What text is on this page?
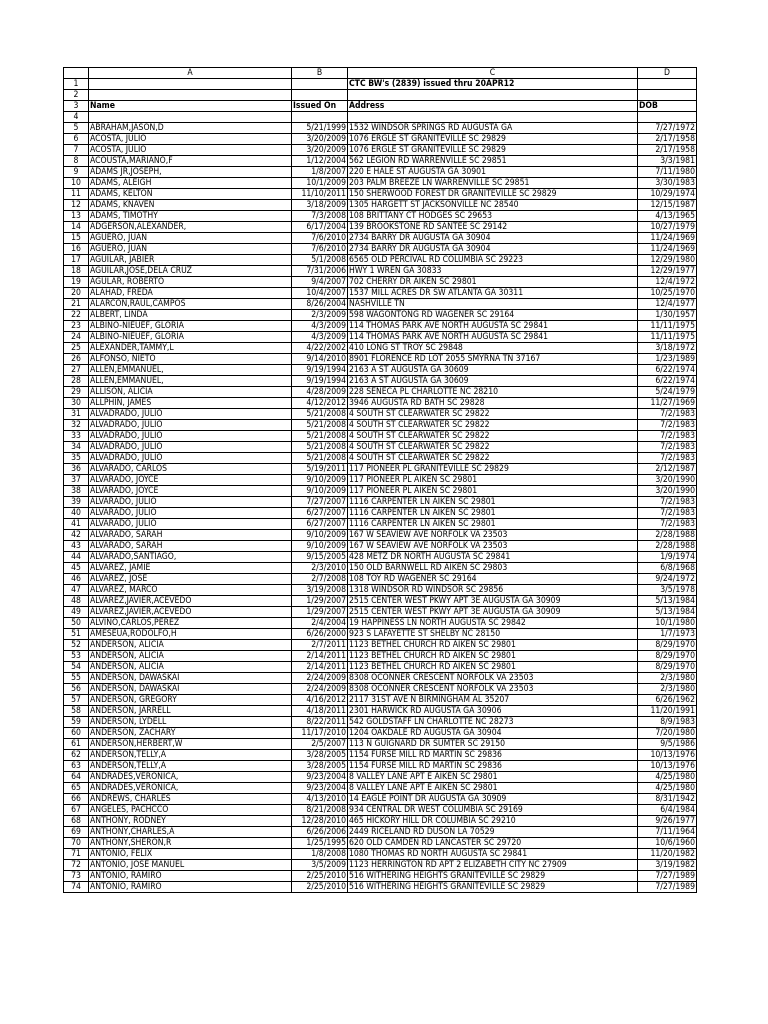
	A	B	C	D
1			CTC BW's (2839) issued thru 20APR12	
2				
3	Name	Issued On	Address	DOB
4				
5	ABRAHAM,JASON,D	5/21/1999	1532 WINDSOR SPRINGS RD AUGUSTA GA	7/27/1972
6	ACOSTA, JULIO	3/20/2009	1076 ERGLE ST GRANITEVILLE SC 29829	2/17/1958
7	ACOSTA, JULIO	3/20/2009	1076 ERGLE ST GRANITEVILLE SC 29829	2/17/1958
8	ACOUSTA,MARIANO,F	1/12/2004	562 LEGION RD WARRENVILLE SC 29851	3/3/1981
9	ADAMS JR,JOSEPH,	1/8/2007	220 E HALE ST AUGUSTA GA 30901	7/11/1980
10	ADAMS, ALEIGH	10/1/2009	203 PALM BREEZE LN WARRENVILLE SC 29851	3/30/1983
11	ADAMS, KELTON	11/10/2011	150 SHERWOOD FOREST DR GRANITEVILLE SC 29829	10/29/1974
12	ADAMS, KNAVEN	3/18/2009	1305 HARGETT ST JACKSONVILLE NC 28540	12/15/1987
13	ADAMS, TIMOTHY	7/3/2008	108 BRITTANY CT HODGES SC 29653	4/13/1965
14	ADGERSON,ALEXANDER,	6/17/2004	139 BROOKSTONE RD SANTEE SC 29142	10/27/1979
15	AGUERO, JUAN	7/6/2010	2734 BARRY DR AUGUSTA GA 30904	11/24/1969
16	AGUERO, JUAN	7/6/2010	2734 BARRY DR AUGUSTA GA 30904	11/24/1969
17	AGUILAR, JABIER	5/1/2008	6565 OLD PERCIVAL RD COLUMBIA SC 29223	12/29/1980
18	AGUILAR,JOSE,DELA CRUZ	7/31/2006	HWY 1 WREN GA 30833	12/29/1977
19	AGULAR, ROBERTO	9/4/2007	702 CHERRY DR AIKEN SC 29801	12/4/1972
20	ALAHAD, FREDA	10/4/2007	1537 MILL ACRES DR SW ATLANTA GA 30311	10/25/1970
21	ALARCON,RAUL,CAMPOS	8/26/2004	NASHVILLE TN	12/4/1977
22	ALBERT, LINDA	2/3/2009	598 WAGONTONG RD WAGENER SC 29164	1/30/1957
23	ALBINO-NIEUEF, GLORIA	4/3/2009	114 THOMAS PARK AVE NORTH AUGUSTA SC 29841	11/11/1975
24	ALBINO-NIEUEF, GLORIA	4/3/2009	114 THOMAS PARK AVE NORTH AUGUSTA SC 29841	11/11/1975
25	ALEXANDER,TAMMY,L	4/22/2002	410 LONG ST TROY SC 29848	3/18/1972
26	ALFONSO, NIETO	9/14/2010	8901 FLORENCE RD LOT 2055 SMYRNA TN 37167	1/23/1989
27	ALLEN,EMMANUEL,	9/19/1994	2163 A ST AUGUSTA GA 30609	6/22/1974
28	ALLEN,EMMANUEL,	9/19/1994	2163 A ST AUGUSTA GA 30609	6/22/1974
29	ALLISON, ALICIA	4/28/2009	228 SENECA PL CHARLOTTE NC 28210	5/24/1979
30	ALLPHIN, JAMES	4/12/2012	3946 AUGUSTA RD BATH SC 29828	11/27/1969
31	ALVADRADO, JULIO	5/21/2008	4 SOUTH ST CLEARWATER SC 29822	7/2/1983
32	ALVADRADO, JULIO	5/21/2008	4 SOUTH ST CLEARWATER SC 29822	7/2/1983
33	ALVADRADO, JULIO	5/21/2008	4 SOUTH ST CLEARWATER SC 29822	7/2/1983
34	ALVADRADO, JULIO	5/21/2008	4 SOUTH ST CLEARWATER SC 29822	7/2/1983
35	ALVADRADO, JULIO	5/21/2008	4 SOUTH ST CLEARWATER SC 29822	7/2/1983
36	ALVARADO, CARLOS	5/19/2011	117 PIONEER PL GRANITEVILLE SC 29829	2/12/1987
37	ALVARADO, JOYCE	9/10/2009	117 PIONEER PL AIKEN SC 29801	3/20/1990
38	ALVARADO, JOYCE	9/10/2009	117 PIONEER PL AIKEN SC 29801	3/20/1990
39	ALVARADO, JULIO	7/27/2007	1116 CARPENTER LN AIKEN SC 29801	7/2/1983
40	ALVARADO, JULIO	6/27/2007	1116 CARPENTER LN AIKEN SC 29801	7/2/1983
41	ALVARADO, JULIO	6/27/2007	1116 CARPENTER LN AIKEN SC 29801	7/2/1983
42	ALVARADO, SARAH	9/10/2009	167 W SEAVIEW AVE NORFOLK VA 23503	2/28/1988
43	ALVARADO, SARAH	9/10/2009	167 W SEAVIEW AVE NORFOLK VA 23503	2/28/1988
44	ALVARADO,SANTIAGO,	9/15/2005	428 METZ DR NORTH AUGUSTA SC 29841	1/9/1974
45	ALVAREZ, JAMIE	2/3/2010	150 OLD BARNWELL RD AIKEN SC 29803	6/8/1968
46	ALVAREZ, JOSE	2/7/2008	108 TOY RD WAGENER SC 29164	9/24/1972
47	ALVAREZ, MARCO	3/19/2008	1318 WINDSOR RD WINDSOR SC 29856	3/5/1978
48	ALVAREZ,JAVIER,ACEVEDO	1/29/2007	2515 CENTER WEST PKWY APT 3E AUGUSTA GA 30909	5/13/1984
49	ALVAREZ,JAVIER,ACEVEDO	1/29/2007	2515 CENTER WEST PKWY APT 3E AUGUSTA GA 30909	5/13/1984
50	ALVINO,CARLOS,PEREZ	2/4/2004	19 HAPPINESS LN NORTH AUGUSTA SC 29842	10/1/1980
51	AMESEUA,RODOLFO,H	6/26/2000	923 S LAFAYETTE ST SHELBY NC 28150	1/7/1973
52	ANDERSON, ALICIA	2/7/2011	1123 BETHEL CHURCH RD AIKEN SC 29801	8/29/1970
53	ANDERSON, ALICIA	2/14/2011	1123 BETHEL CHURCH RD AIKEN SC 29801	8/29/1970
54	ANDERSON, ALICIA	2/14/2011	1123 BETHEL CHURCH RD AIKEN SC 29801	8/29/1970
55	ANDERSON, DAWASKAI	2/24/2009	8308 OCONNER CRESCENT NORFOLK VA 23503	2/3/1980
56	ANDERSON, DAWASKAI	2/24/2009	8308 OCONNER CRESCENT NORFOLK VA 23503	2/3/1980
57	ANDERSON, GREGORY	4/16/2012	2117 31ST AVE N BIRMINGHAM AL 35207	6/26/1962
58	ANDERSON, JARRELL	4/18/2011	2301 HARWICK RD AUGUSTA GA 30906	11/20/1991
59	ANDERSON, LYDELL	8/22/2011	542 GOLDSTAFF LN CHARLOTTE NC 28273	8/9/1983
60	ANDERSON, ZACHARY	11/17/2010	1204 OAKDALE RD AUGUSTA GA 30904	7/20/1980
61	ANDERSON,HERBERT,W	2/5/2007	113 N GUIGNARD DR SUMTER SC 29150	9/5/1986
62	ANDERSON,TELLY,A	3/28/2005	1154 FURSE MILL RD MARTIN SC 29836	10/13/1976
63	ANDERSON,TELLY,A	3/28/2005	1154 FURSE MILL RD MARTIN SC 29836	10/13/1976
64	ANDRADES,VERONICA,	9/23/2004	8 VALLEY LANE APT E AIKEN SC 29801	4/25/1980
65	ANDRADES,VERONICA,	9/23/2004	8 VALLEY LANE APT E AIKEN SC 29801	4/25/1980
66	ANDREWS, CHARLES	4/13/2010	14 EAGLE POINT DR AUGUSTA GA 30909	8/31/1942
67	ANGELES, PACHCCO	8/21/2008	934 CENTRAL DR WEST COLUMBIA SC 29169	6/4/1984
68	ANTHONY, RODNEY	12/28/2010	465 HICKORY HILL DR COLUMBIA SC 29210	9/26/1977
69	ANTHONY,CHARLES,A	6/26/2006	2449 RICELAND RD DUSON LA 70529	7/11/1964
70	ANTHONY,SHERON,R	1/25/1995	620 OLD CAMDEN RD LANCASTER SC 29720	10/6/1960
71	ANTONIO, FELIX	1/8/2008	1080 THOMAS RD NORTH AUGUSTA SC 29841	11/20/1982
72	ANTONIO, JOSE MANUEL	3/5/2009	1123 HERRINGTON RD APT 2 ELIZABETH CITY NC 27909	3/19/1982
73	ANTONIO, RAMIRO	2/25/2010	516 WITHERING HEIGHTS GRANITEVILLE SC 29829	7/27/1989
74	ANTONIO, RAMIRO	2/25/2010	516 WITHERING HEIGHTS GRANITEVILLE SC 29829	7/27/1989
